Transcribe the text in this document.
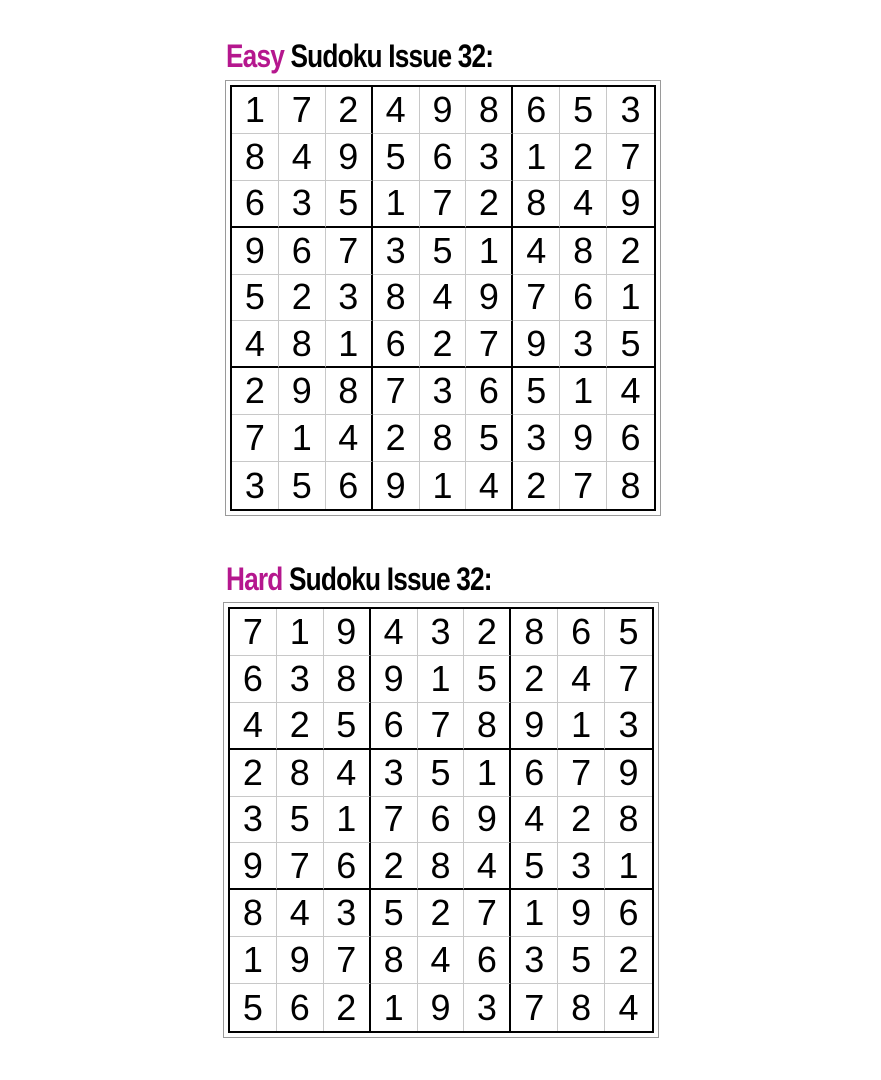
Easy Sudoku Issue 32:
1 7 2 4 9 8 6 5 3
8 4 9 5 6 3 1 2 7
6 3 5 1 7 2 8 4 9
9 6 7 3 5 1 4 8 2
5 2 3 8 4 9 7 6 1
4 8 1 6 2 7 9 3 5
2 9 8 7 3 6 5 1 4
7 1 4 2 8 5 3 9 6
3 5 6 9 1 4 2 7 8
Hard Sudoku Issue 32:
7 1 9 4 3 2 8 6 5
6 3 8 9 1 5 2 4 7
4 2 5 6 7 8 9 1 3
2 8 4 3 5 1 6 7 9
3 5 1 7 6 9 4 2 8
9 7 6 2 8 4 5 3 1
8 4 3 5 2 7 1 9 6
1 9 7 8 4 6 3 5 2
5 6 2 1 9 3 7 8 4
